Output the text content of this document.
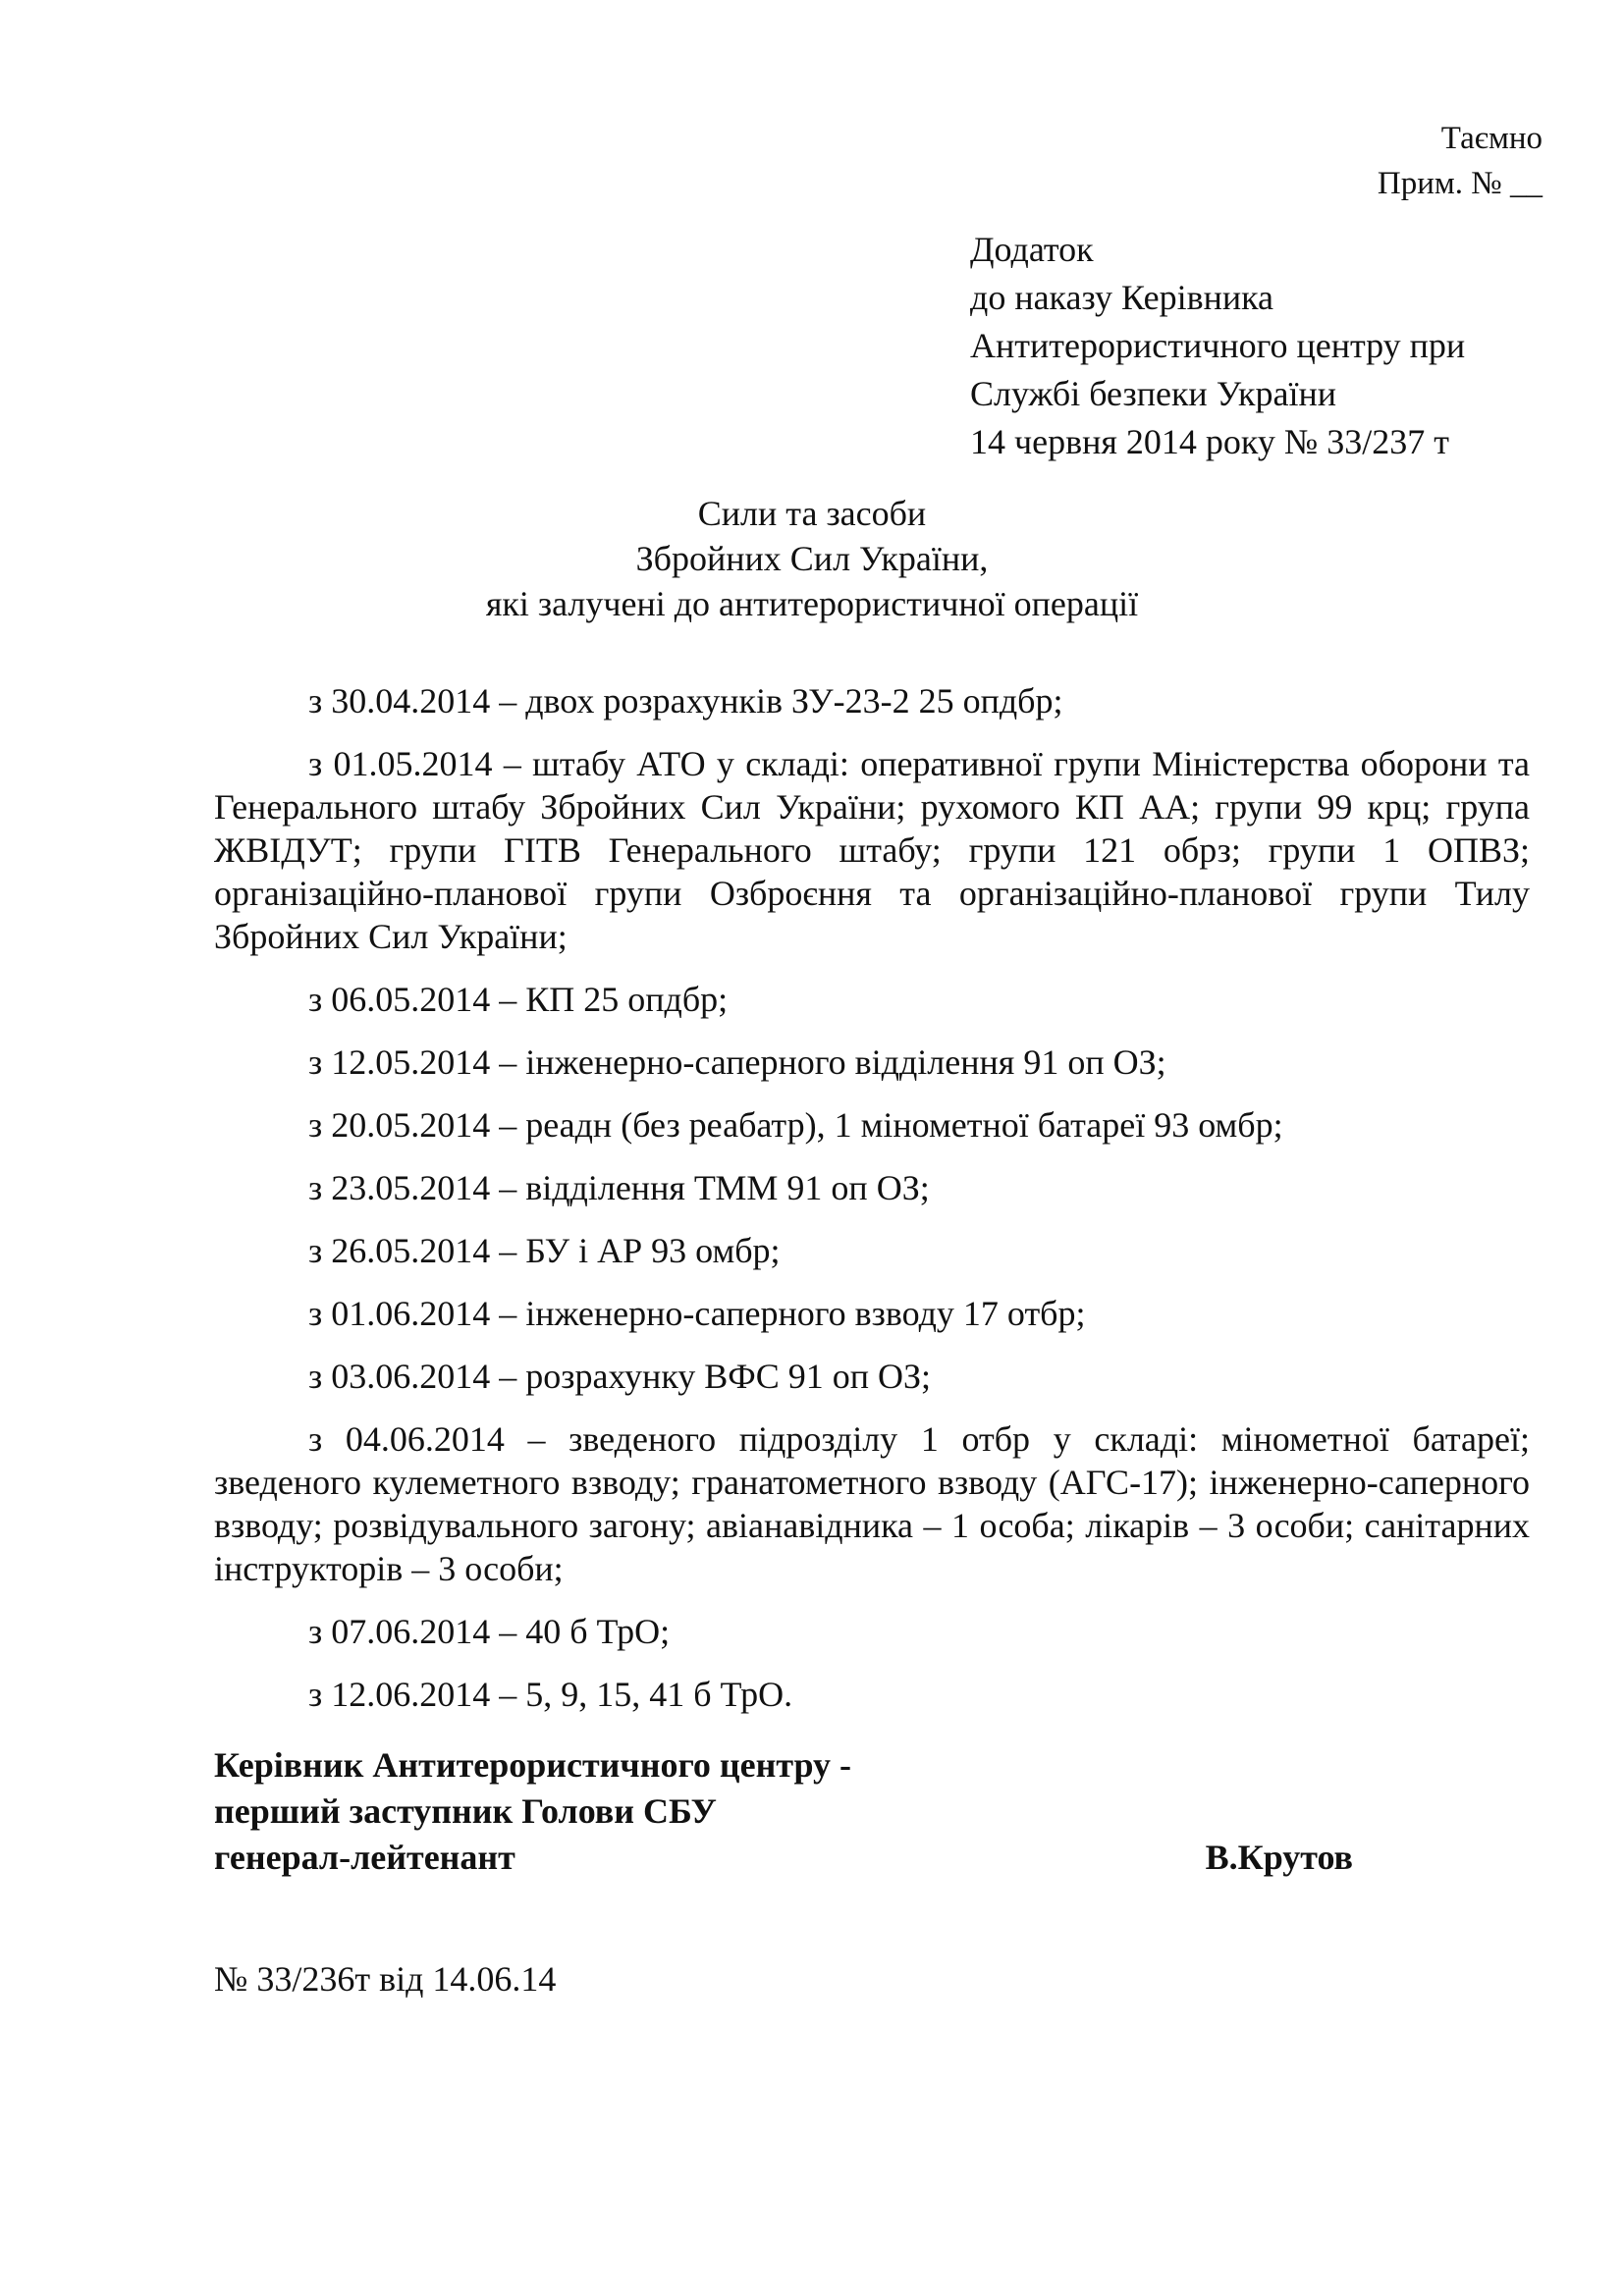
Таємно
Прим. № __
Додаток
до наказу Керівника
Антитерористичного центру при
Службі безпеки України
14 червня 2014 року № 33/237 т
Сили та засоби
Збройних Сил України,
які залучені до антитерористичної операції

з 30.04.2014 – двох розрахунків ЗУ-23-2 25 опдбр;

з 01.05.2014 – штабу АТО у складі: оперативної групи Міністерства оборони та Генерального штабу Збройних Сил України; рухомого КП АА; групи 99 крц; група ЖВІДУТ; групи ГІТВ Генерального штабу; групи 121 обрз; групи 1 ОПВЗ; організаційно-планової групи Озброєння та організаційно-планової групи Тилу Збройних Сил України;

з 06.05.2014 – КП 25 опдбр;

з 12.05.2014 – інженерно-саперного відділення 91 оп ОЗ;

з 20.05.2014 – реадн (без реабатр), 1 мінометної батареї 93 омбр;

з 23.05.2014 – відділення ТММ 91 оп ОЗ;

з 26.05.2014 – БУ і АР 93 омбр;

з 01.06.2014 – інженерно-саперного взводу 17 отбр;

з 03.06.2014 – розрахунку ВФС 91 оп ОЗ;

з 04.06.2014 – зведеного підрозділу 1 отбр у складі: мінометної батареї; зведеного кулеметного взводу; гранатометного взводу (АГС-17); інженерно-саперного взводу; розвідувального загону; авіанавідника – 1 особа; лікарів – 3 особи; санітарних інструкторів – 3 особи;

з 07.06.2014 – 40 б ТрО;

з 12.06.2014 – 5, 9, 15, 41 б ТрО.

Керівник Антитерористичного центру -
перший заступник Голови СБУ
генерал-лейтенант	В.Крутов
№ 33/236т від 14.06.14
